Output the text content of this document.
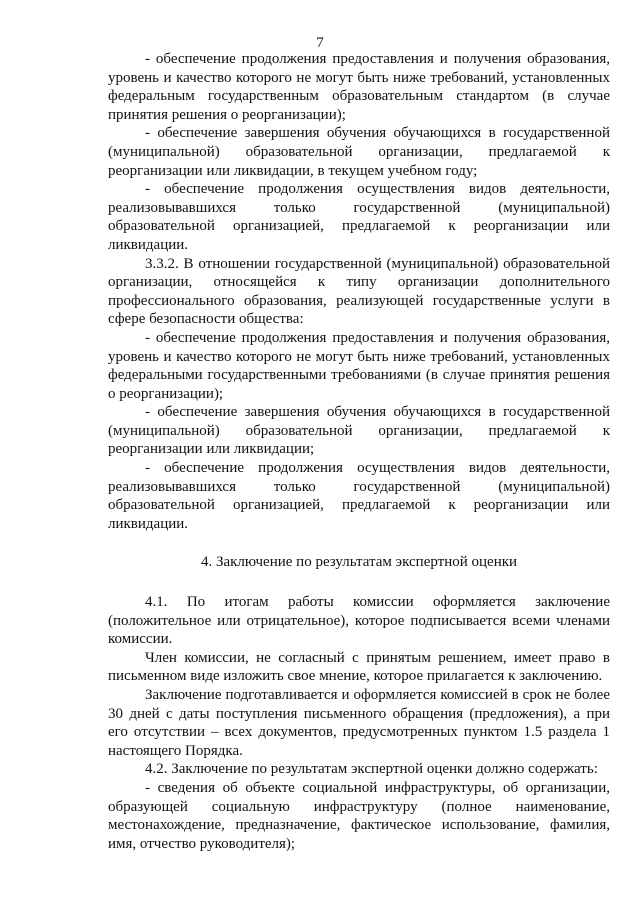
7

- обеспечение продолжения предоставления и получения образования, уровень и качество которого не могут быть ниже требований, установленных федеральным государственным образовательным стандартом (в случае принятия решения о реорганизации);

- обеспечение завершения обучения обучающихся в государственной (муниципальной) образовательной организации, предлагаемой к реорганизации или ликвидации, в текущем учебном году;

- обеспечение продолжения осуществления видов деятельности, реализовывавшихся только государственной (муниципальной) образовательной организацией, предлагаемой к реорганизации или ликвидации.

3.3.2. В отношении государственной (муниципальной) образовательной организации, относящейся к типу организации дополнительного профессионального образования, реализующей государственные услуги в сфере безопасности общества:

- обеспечение продолжения предоставления и получения образования, уровень и качество которого не могут быть ниже требований, установленных федеральными государственными требованиями (в случае принятия решения о реорганизации);

- обеспечение завершения обучения обучающихся в государственной (муниципальной) образовательной организации, предлагаемой к реорганизации или ликвидации;

- обеспечение продолжения осуществления видов деятельности, реализовывавшихся только государственной (муниципальной) образовательной организацией, предлагаемой к реорганизации или ликвидации.

4. Заключение по результатам экспертной оценки

4.1. По итогам работы комиссии оформляется заключение (положительное или отрицательное), которое подписывается всеми членами комиссии.

Член комиссии, не согласный с принятым решением, имеет право в письменном виде изложить свое мнение, которое прилагается к заключению.

Заключение подготавливается и оформляется комиссией в срок не более 30 дней с даты поступления письменного обращения (предложения), а при его отсутствии – всех документов, предусмотренных пунктом 1.5 раздела 1 настоящего Порядка.

4.2. Заключение по результатам экспертной оценки должно содержать:

- сведения об объекте социальной инфраструктуры, об организации, образующей социальную инфраструктуру (полное наименование, местонахождение, предназначение, фактическое использование, фамилия, имя, отчество руководителя);
